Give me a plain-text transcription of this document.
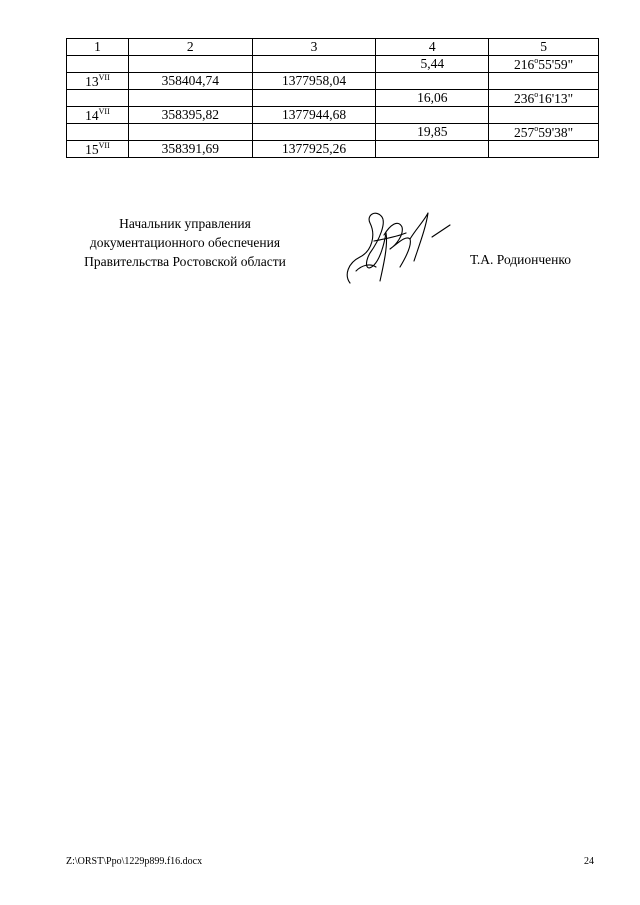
1	2	3	4	5
			5,44	216$^o$55'59"
$13^{VII}$	358404,74	1377958,04		
			16,06	236$^o$16'13"
$14^{VII}$	358395,82	1377944,68		
			19,85	257$^o$59'38"
$15^{VII}$	358391,69	1377925,26		
Начальник управления
документационного обеспечения
Правительства Ростовской области	Т.А. Родионченко
Z:\ORST\Ppo\1229p899.f16.docx	24
